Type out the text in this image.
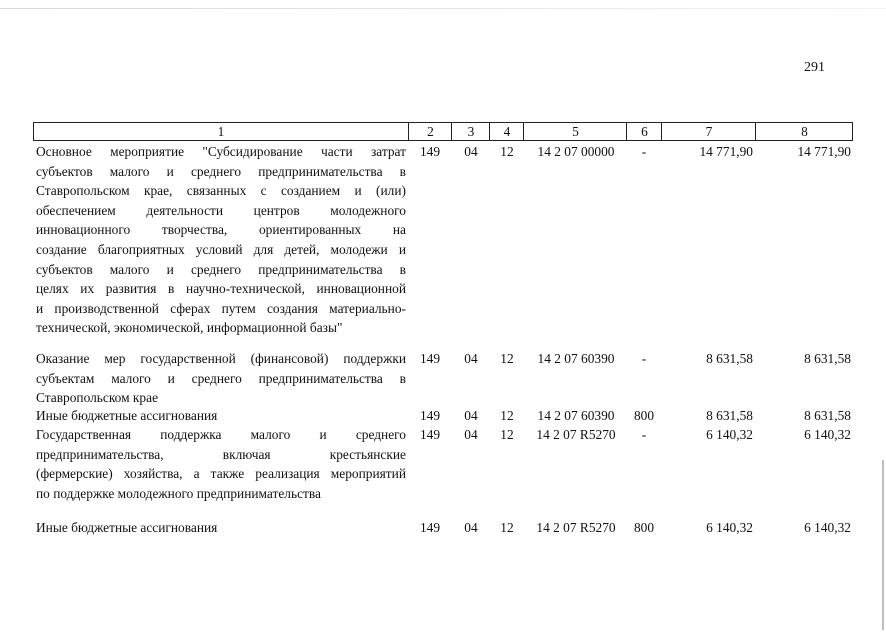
291
1	2	3	4	5	6	7	8
Основное мероприятие "Субсидирование части затрат
субъектов малого и среднего предпринимательства в
Ставропольском крае, связанных с созданием и (или)
обеспечением деятельности центров молодежного
инновационного творчества, ориентированных на
создание благоприятных условий для детей, молодежи и
субъектов малого и среднего предпринимательства в
целях их развития в научно-технической, инновационной
и производственной сферах путем создания материально-
технической, экономической, информационной базы"
149	04	12	14 2 07 00000	-	14 771,90	14 771,90
Оказание мер государственной (финансовой) поддержки
субъектам малого и среднего предпринимательства в
Ставропольском крае
149	04	12	14 2 07 60390	-	8 631,58	8 631,58
Иные бюджетные ассигнования	149	04	12	14 2 07 60390	800	8 631,58	8 631,58
Государственная поддержка малого и среднего
предпринимательства, включая крестьянские
(фермерские) хозяйства, а также реализация мероприятий
по поддержке молодежного предпринимательства
149	04	12	14 2 07 R5270	-	6 140,32	6 140,32
Иные бюджетные ассигнования	149	04	12	14 2 07 R5270	800	6 140,32	6 140,32
